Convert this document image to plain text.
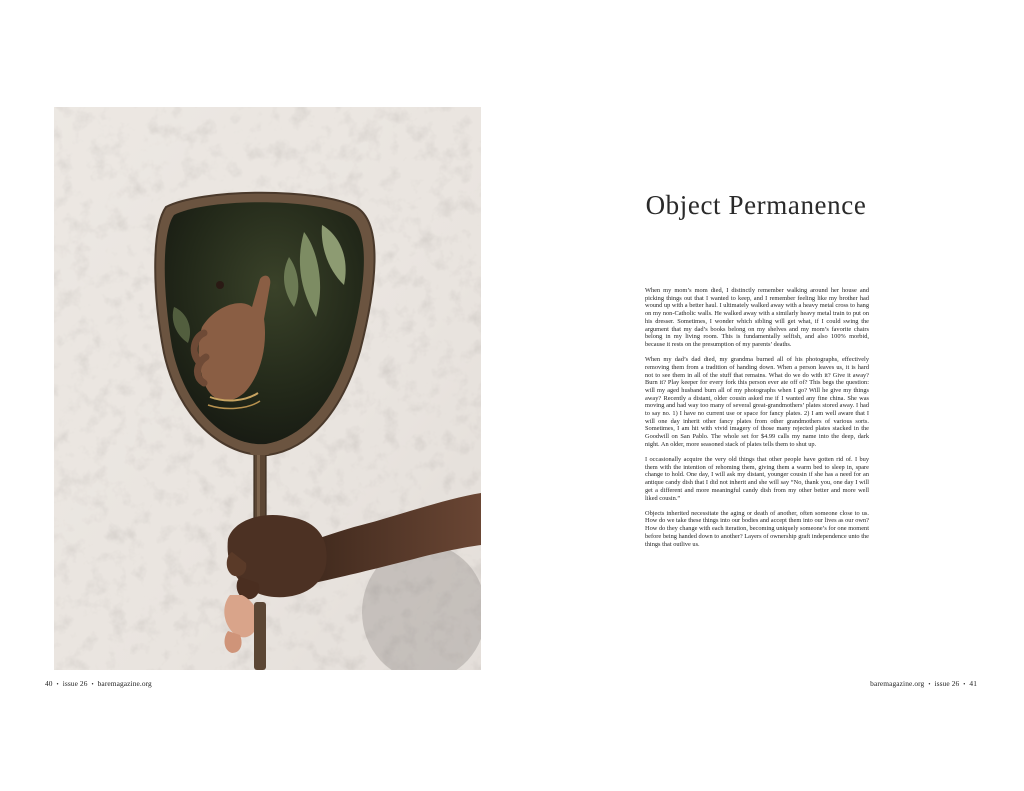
Object Permanence

When my mom’s mom died, I distinctly remember walking around her house and picking things out that I wanted to keep, and I remember feeling like my brother had wound up with a better haul. I ultimately walked away with a heavy metal cross to hang on my non-Catholic walls. He walked away with a similarly heavy metal train to put on his dresser. Sometimes, I wonder which sibling will get what, if I could swing the argument that my dad’s books belong on my shelves and my mom’s favorite chairs belong in my living room. This is fundamentally selfish, and also 100% morbid, because it rests on the presumption of my parents’ deaths.

When my dad’s dad died, my grandma burned all of his photographs, effectively removing them from a tradition of handing down. When a person leaves us, it is hard not to see them in all of the stuff that remains. What do we do with it? Give it away? Burn it? Play keeper for every fork this person ever ate off of? This begs the question: will my aged husband burn all of my photographs when I go? Will he give my things away? Recently a distant, older cousin asked me if I wanted any fine china. She was moving and had way too many of several great-grandmothers’ plates stored away. I had to say no. 1) I have no current use or space for fancy plates. 2) I am well aware that I will one day inherit other fancy plates from other grandmothers of various sorts. Sometimes, I am hit with vivid imagery of those many rejected plates stacked in the Goodwill on San Pablo. The whole set for $4.99 calls my name into the deep, dark night. An older, more seasoned stack of plates tells them to shut up.

I occasionally acquire the very old things that other people have gotten rid of. I buy them with the intention of rehoming them, giving them a warm bed to sleep in, spare change to hold. One day, I will ask my distant, younger cousin if she has a need for an antique candy dish that I did not inherit and she will say “No, thank you, one day I will get a different and more meaningful candy dish from my other better and more well liked cousin.”

Objects inherited necessitate the aging or death of another, often someone close to us. How do we take these things into our bodies and accept them into our lives as our own? How do they change with each iteration, becoming uniquely someone’s for one moment before being handed down to another? Layers of ownership graft independence unto the things that outlive us.

40 • issue 26 • baremagazine.org	baremagazine.org • issue 26 • 41
